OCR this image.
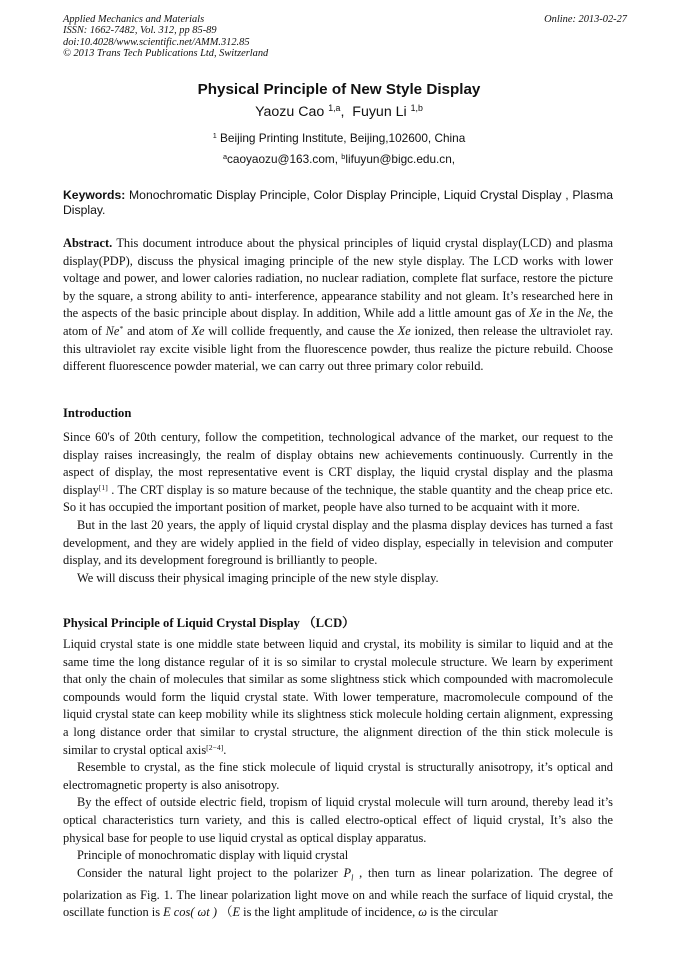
Applied Mechanics and Materials
ISSN: 1662-7482, Vol. 312, pp 85-89
doi:10.4028/www.scientific.net/AMM.312.85
© 2013 Trans Tech Publications Ltd, Switzerland
Online: 2013-02-27
Physical Principle of New Style Display
Yaozu Cao $^{1,a}$,  Fuyun Li $^{1,b}$
$^1$ Beijing Printing Institute, Beijing,102600, China
$^a$caoyaozu@163.com, $^b$lifuyun@bigc.edu.cn,
Keywords: Monochromatic Display Principle, Color Display Principle, Liquid Crystal Display , Plasma Display.

Abstract. This document introduce about the physical principles of liquid crystal display(LCD) and plasma display(PDP), discuss the physical imaging principle of the new style display. The LCD works with lower voltage and power, and lower calories radiation, no nuclear radiation, complete flat surface, restore the picture by the square, a strong ability to anti- interference, appearance stability and not gleam. It’s researched here in the aspects of the basic principle about display. In addition, While add a little amount gas of Xe in the Ne, the atom of Ne* and atom of Xe will collide frequently, and cause the Xe ionized, then release the ultraviolet ray. this ultraviolet ray excite visible light from the fluorescence powder, thus realize the picture rebuild. Choose different fluorescence powder material, we can carry out three primary color rebuild.

Introduction

Since 60's of 20th century, follow the competition, technological advance of the market, our request to the display raises increasingly, the realm of display obtains new achievements continuously. Currently in the aspect of display, the most representative event is CRT display, the liquid crystal display and the plasma display[1] . The CRT display is so mature because of the technique, the stable quantity and the cheap price etc. So it has occupied the important position of market, people have also turned to be acquaint with it more.

But in the last 20 years, the apply of liquid crystal display and the plasma display devices has turned a fast development, and they are widely applied in the field of video display, especially in television and computer display, and its development foreground is brilliantly to people.

We will discuss their physical imaging principle of the new style display.

Physical Principle of Liquid Crystal Display （LCD）

Liquid crystal state is one middle state between liquid and crystal, its mobility is similar to liquid and at the same time the long distance regular of it is so similar to crystal molecule structure. We learn by experiment that only the chain of molecules that similar as some slightness stick which compounded with macromolecule compounds would form the liquid crystal state. With lower temperature, macromolecule compound of the liquid crystal state can keep mobility while its slightness stick molecule holding certain alignment, expressing a long distance order that similar to crystal structure, the alignment direction of the thin stick molecule is similar to crystal optical axis[2−4].

Resemble to crystal, as the fine stick molecule of liquid crystal is structurally anisotropy, it’s optical and electromagnetic property is also anisotropy.

By the effect of outside electric field, tropism of liquid crystal molecule will turn around, thereby lead it’s optical characteristics turn variety, and this is called electro-optical effect of liquid crystal, It’s also the physical base for people to use liquid crystal as optical display apparatus.

Principle of monochromatic display with liquid crystal

Consider the natural light project to the polarizer $P_l$ , then turn as linear polarization. The degree of polarization as Fig. 1. The linear polarization light move on and while reach the surface of liquid crystal, the oscillate function is E cos( ωt ) （E is the light amplitude of incidence, ω is the circular
